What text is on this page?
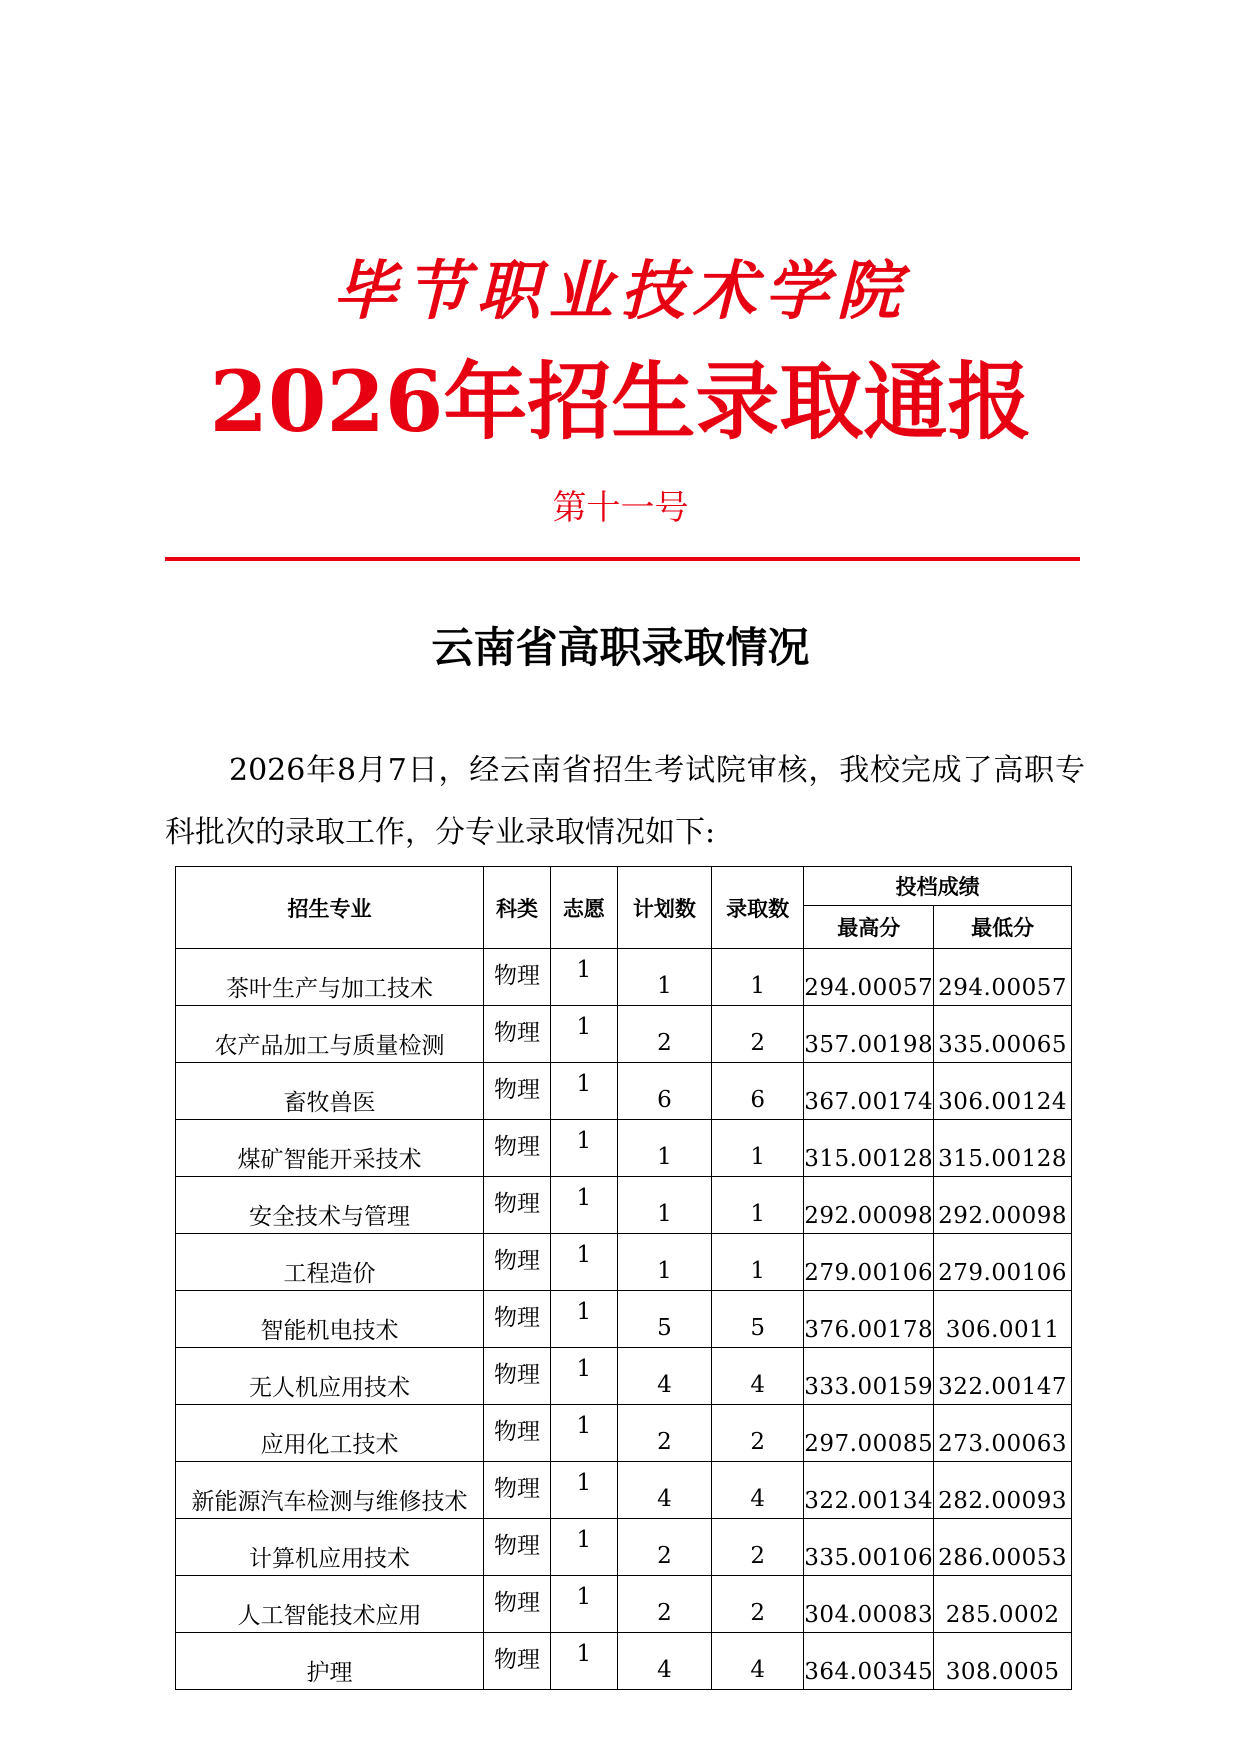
毕节职业技术学院
2026年招生录取通报
第十一号
云南省高职录取情况
2026年8月7日，经云南省招生考试院审核，我校完成了高职专科批次的录取工作，分专业录取情况如下:
招生专业	科类	志愿	计划数	录取数	投档成绩	
					最高分	最低分
茶叶生产与加工技术	物理	1	1	1	294.00057	294.00057
农产品加工与质量检测	物理	1	2	2	357.00198	335.00065
畜牧兽医	物理	1	6	6	367.00174	306.00124
煤矿智能开采技术	物理	1	1	1	315.00128	315.00128
安全技术与管理	物理	1	1	1	292.00098	292.00098
工程造价	物理	1	1	1	279.00106	279.00106
智能机电技术	物理	1	5	5	376.00178	306.0011
无人机应用技术	物理	1	4	4	333.00159	322.00147
应用化工技术	物理	1	2	2	297.00085	273.00063
新能源汽车检测与维修技术	物理	1	4	4	322.00134	282.00093
计算机应用技术	物理	1	2	2	335.00106	286.00053
人工智能技术应用	物理	1	2	2	304.00083	285.0002
护理	物理	1	4	4	364.00345	308.0005
